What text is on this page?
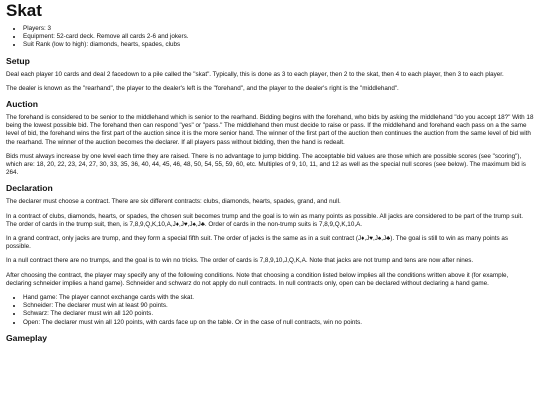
Skat
• Players: 3
• Equipment: 52-card deck. Remove all cards 2-6 and jokers.
• Suit Rank (low to high): diamonds, hearts, spades, clubs
Setup

Deal each player 10 cards and deal 2 facedown to a pile called the "skat". Typically, this is done as 3 to each player, then 2 to the skat, then 4 to each player, then 3 to each player.

The dealer is known as the "rearhand", the player to the dealer's left is the "forehand", and the player to the dealer's right is the "middlehand".

Auction

The forehand is considered to be senior to the middlehand which is senior to the rearhand. Bidding begins with the forehand, who bids by asking the middlehand "do you accept 18?" With 18 being the lowest possible bid. The forehand then can respond "yes" or "pass." The middlehand then must decide to raise or pass. If the middlehand and forehand each pass on a the same level of bid, the forehand wins the first part of the auction since it is the more senior hand. The winner of the first part of the auction then continues the auction from the same level of bid with the rearhand. The winner of the auction becomes the declarer. If all players pass without bidding, then the hand is redealt.

Bids must always increase by one level each time they are raised. There is no advantage to jump bidding. The acceptable bid values are those which are possible scores (see "scoring"), which are: 18, 20, 22, 23, 24, 27, 30, 33, 35, 36, 40, 44, 45, 46, 48, 50, 54, 55, 59, 60, etc. Multiples of 9, 10, 11, and 12 as well as the special null scores (see below). The maximum bid is 264.

Declaration

The declarer must choose a contract. There are six different contracts: clubs, diamonds, hearts, spades, grand, and null.

In a contract of clubs, diamonds, hearts, or spades, the chosen suit becomes trump and the goal is to win as many points as possible. All jacks are considered to be part of the trump suit. The order of cards in the trump suit, then, is 7,8,9,Q,K,10,A,J♦,J♥,J♠,J♣. Order of cards in the non-trump suits is 7,8,9,Q,K,10,A.

In a grand contract, only jacks are trump, and they form a special fifth suit. The order of jacks is the same as in a suit contract (J♦,J♥,J♠,J♣). The goal is still to win as many points as possible.

In a null contract there are no trumps, and the goal is to win no tricks. The order of cards is 7,8,9,10,J,Q,K,A. Note that jacks are not trump and tens are now after nines.

After choosing the contract, the player may specify any of the following conditions. Note that choosing a condition listed below implies all the conditions written above it (for example, declaring schneider implies a hand game). Schneider and schwarz do not apply do null contracts. In null contracts only, open can be declared without declaring a hand game.

• Hand game: The player cannot exchange cards with the skat.
• Schneider: The declarer must win at least 90 points.
• Schwarz: The declarer must win all 120 points.
• Open: The declarer must win all 120 points, with cards face up on the table. Or in the case of null contracts, win no points.
Gameplay
